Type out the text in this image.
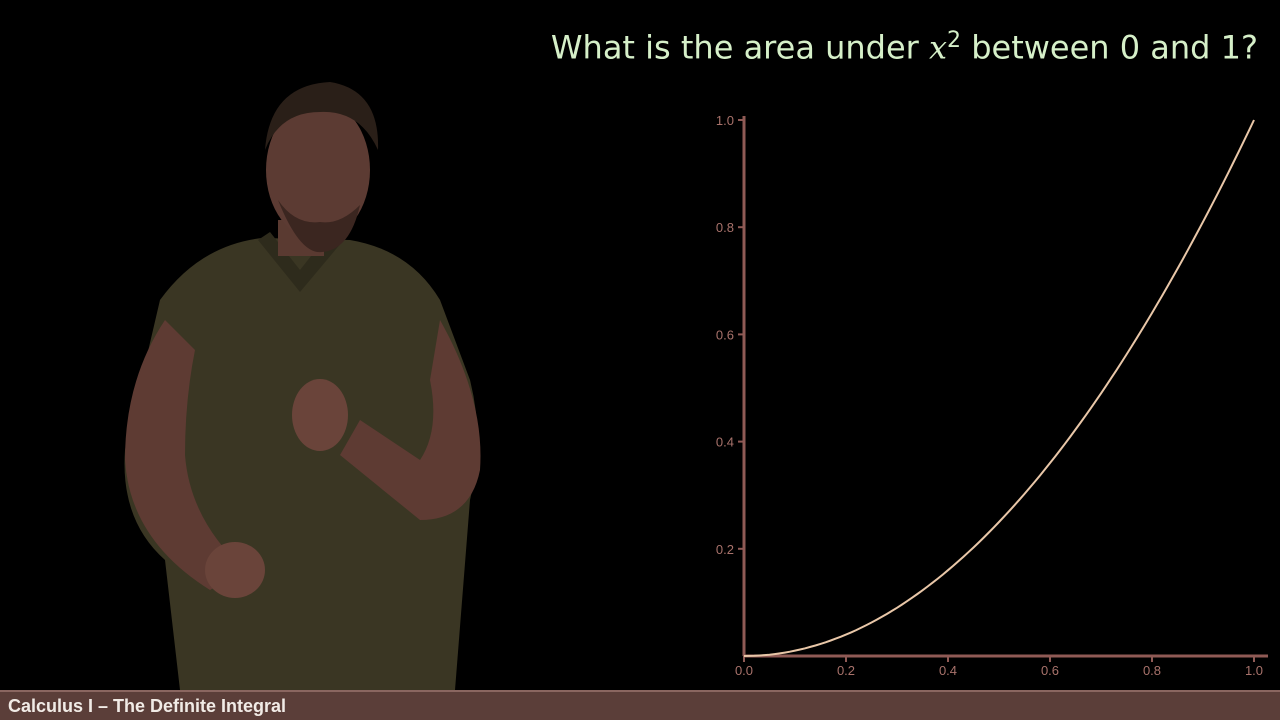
What is the area under $x^2$ between 0 and 1?
0.0	0.2	0.4	0.6	0.8	1.0
0.2
0.4
0.6
0.8
1.0
Calculus I – The Definite Integral
